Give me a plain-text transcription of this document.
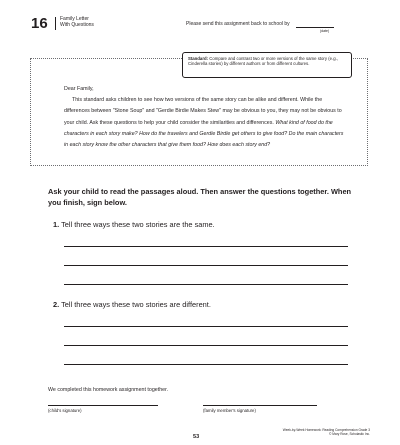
16 Family Letter
With Questions	Please send this assignment back to school by
(date)
Standard: Compare and contrast two or more versions of the same story (e.g., Cinderella stories) by different authors or from different cultures.
Dear Family,
This standard asks children to see how two versions of the same story can be alike and different. While the differences between "Stone Soup" and "Gerdie Birdie Makes Stew" may be obvious to you, they may not be obvious to your child. Ask these questions to help your child consider the similarities and differences. What kind of food do the characters in each story make? How do the travelers and Gerdie Birdie get others to give food? Do the main characters in each story know the other characters that give them food? How does each story end?
Ask your child to read the passages aloud. Then answer the questions together. When you finish, sign below.
1. Tell three ways these two stories are the same.
2. Tell three ways these two stories are different.
We completed this homework assignment together.
(child's signature)	(family member's signature)
53
Week-by-Week Homework: Reading Comprehension Grade 3
© Mary Rose, Scholastic Inc.
